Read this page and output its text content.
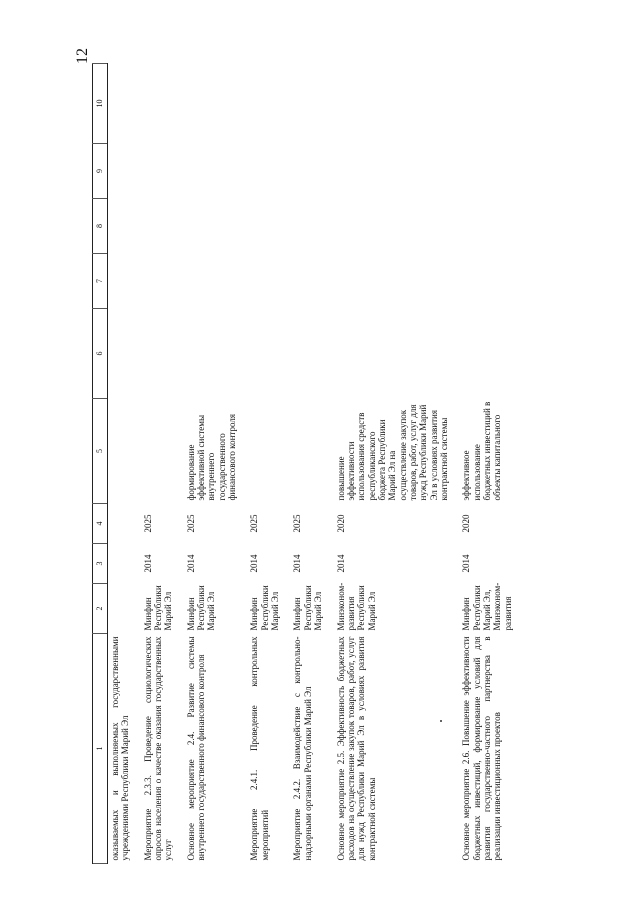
12
1	2	3	4	5	6	7	8	9	10
оказываемых и выполняемых государственными учреждениями Республики Марий Эл									
Мероприятие 2.3.3. Проведение социологических опросов населения о качестве оказания государственных услуг	Минфин Республики Марий Эл	2014	2025						
Основное мероприятие 2.4. Развитие системы внутреннего государственного финансового контроля	Минфин Республики Марий Эл	2014	2025	формирование эффективной системы внутреннего государственного финансового контроля					
Мероприятие 2.4.1. Проведение контрольных мероприятий	Минфин Республики Марий Эл	2014	2025						
Мероприятие 2.4.2. Взаимодействие с контрольно-надзорными органами Республики Марий Эл	Минфин Республики Марий Эл	2014	2025						
Основное мероприятие 2.5. Эффективность бюджетных расходов на осуществление закупок товаров, работ, услуг для нужд Республики Марий Эл в условиях развития контрактной системы	Минэконом-развития Республики Марий Эл	2014	2020	повышение эффективности использования средств республиканского бюджета Республики Марий Эл на осуществление закупок товаров, работ, услуг для нужд Республики Марий Эл в условиях развития контрактной системы					
Основное мероприятие 2.6. Повышение эффективности бюджетных инвестиций, формирование условий для развития государственно-частного партнерства в реализации инвестиционных проектов	Минфин Республики Марий Эл, Минэконом-развития	2014	2020	эффективное использование бюджетных инвестиций в объекты капитального					
